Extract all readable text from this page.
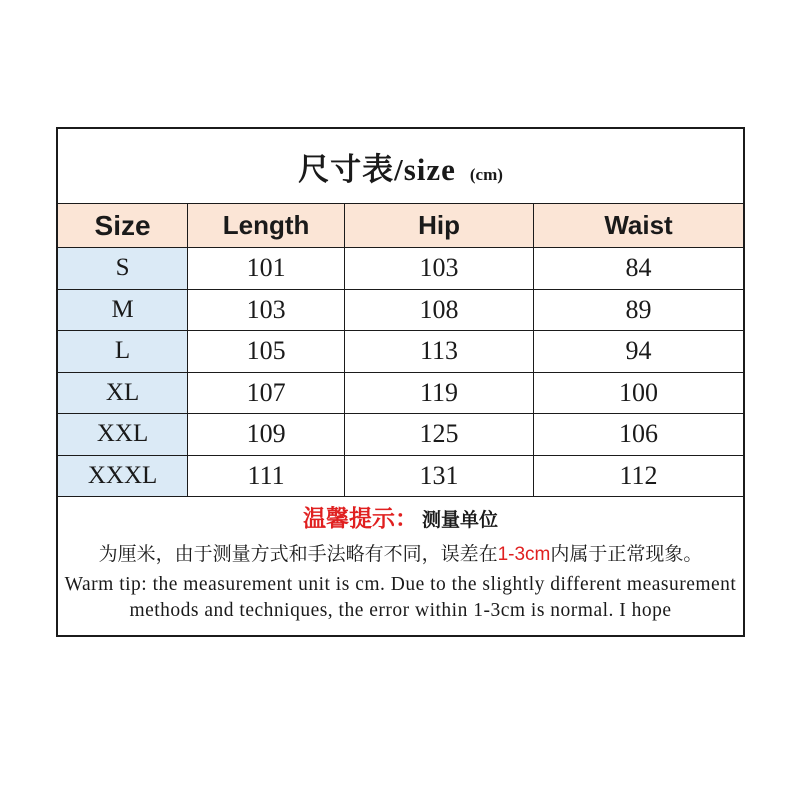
尺寸表/size (cm)
Size	Length	Hip	Waist
S	101	103	84
M	103	108	89
L	105	113	94
XL	107	119	100
XXL	109	125	106
XXXL	111	131	112
温馨提示： 测量单位
为厘米，由于测量方式和手法略有不同，误差在1-3cm内属于正常现象。
Warm tip: the measurement unit is cm. Due to the slightly different measurement
methods and techniques, the error within 1-3cm is normal. I hope
